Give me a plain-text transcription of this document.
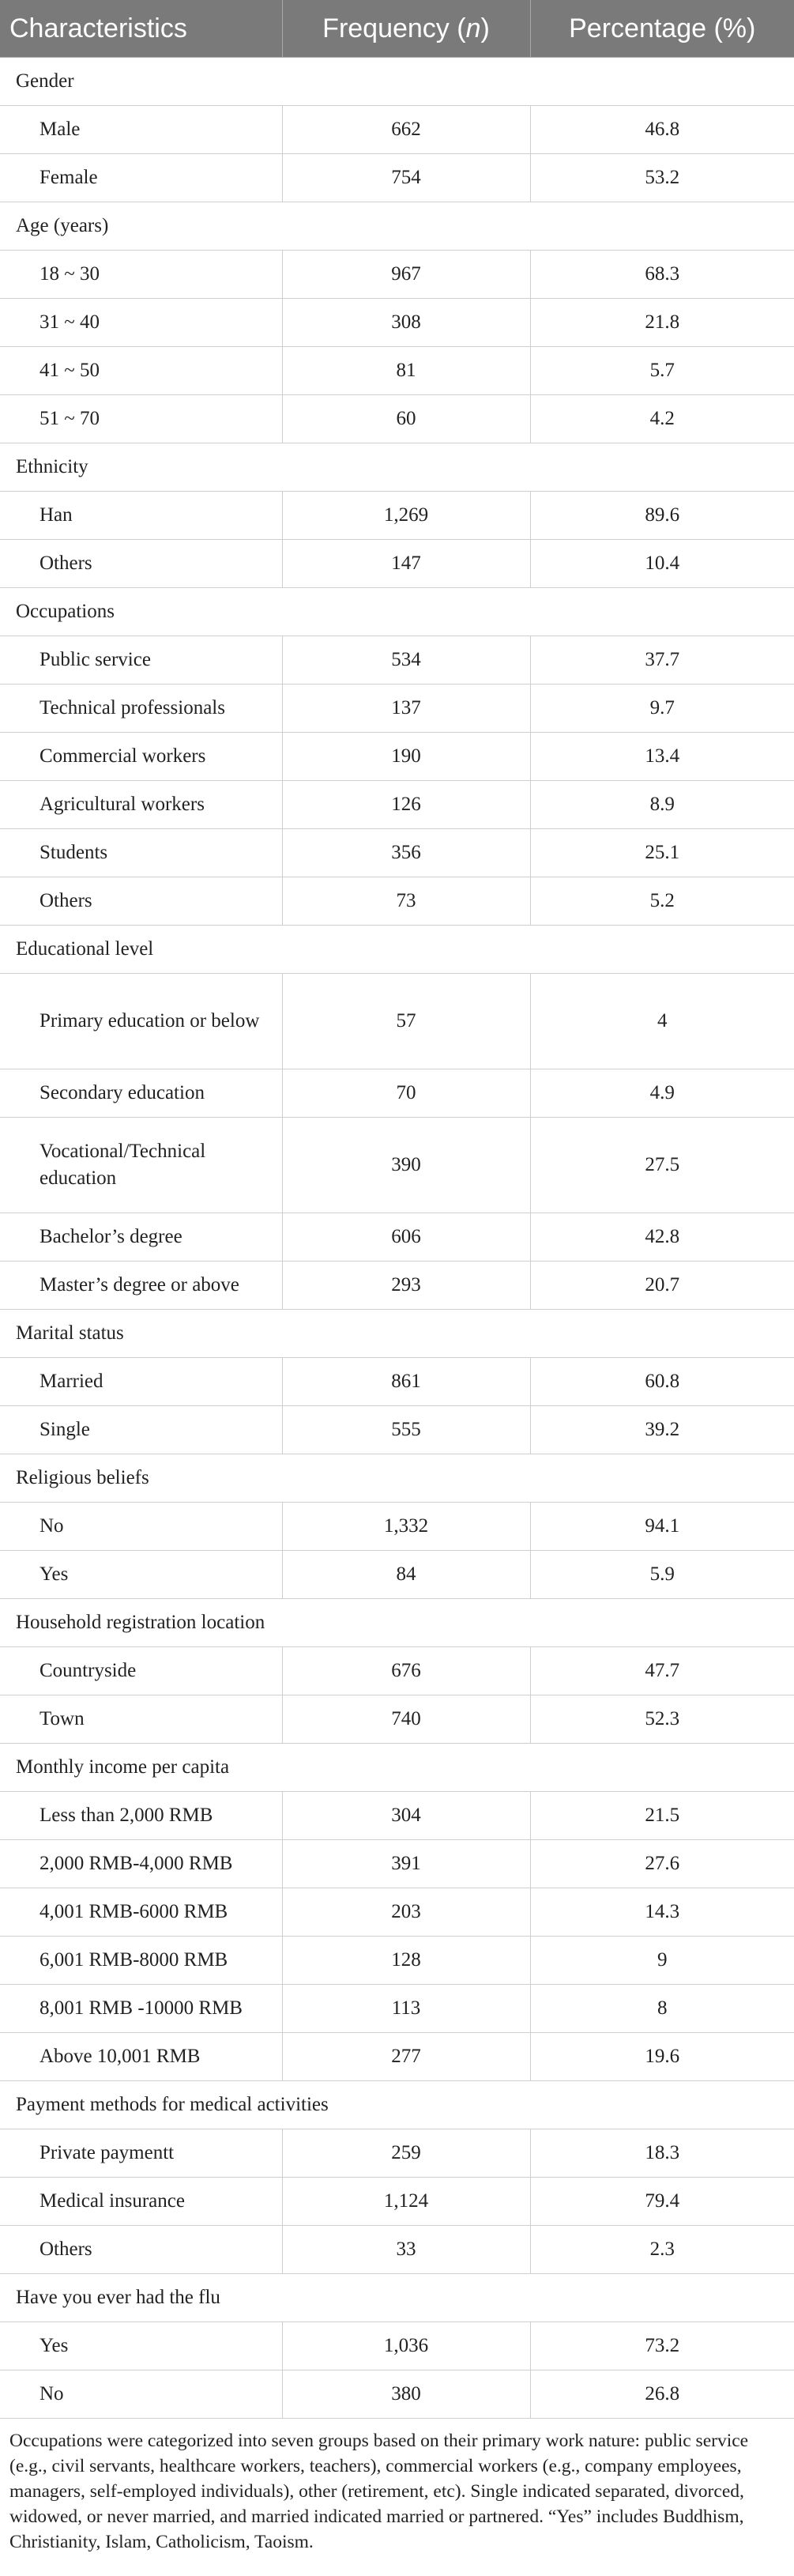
Characteristics	Frequency (n)	Percentage (%)
Gender		
Male	662	46.8
Female	754	53.2
Age (years)		
18 ~ 30	967	68.3
31 ~ 40	308	21.8
41 ~ 50	81	5.7
51 ~ 70	60	4.2
Ethnicity		
Han	1,269	89.6
Others	147	10.4
Occupations		
Public service	534	37.7
Technical professionals	137	9.7
Commercial workers	190	13.4
Agricultural workers	126	8.9
Students	356	25.1
Others	73	5.2
Educational level		
Primary education or below	57	4
Secondary education	70	4.9
Vocational/Technical education	390	27.5
Bachelor’s degree	606	42.8
Master’s degree or above	293	20.7
Marital status		
Married	861	60.8
Single	555	39.2
Religious beliefs		
No	1,332	94.1
Yes	84	5.9
Household registration location		
Countryside	676	47.7
Town	740	52.3
Monthly income per capita		
Less than 2,000 RMB	304	21.5
2,000 RMB-4,000 RMB	391	27.6
4,001 RMB-6000 RMB	203	14.3
6,001 RMB-8000 RMB	128	9
8,001 RMB -10000 RMB	113	8
Above 10,001 RMB	277	19.6
Payment methods for medical activities		
Private paymentt	259	18.3
Medical insurance	1,124	79.4
Others	33	2.3
Have you ever had the flu		
Yes	1,036	73.2
No	380	26.8
Occupations were categorized into seven groups based on their primary work nature: public service (e.g., civil servants, healthcare workers, teachers), commercial workers (e.g., company employees, managers, self-employed individuals), other (retirement, etc). Single indicated separated, divorced, widowed, or never married, and married indicated married or partnered. “Yes” includes Buddhism, Christianity, Islam, Catholicism, Taoism.
